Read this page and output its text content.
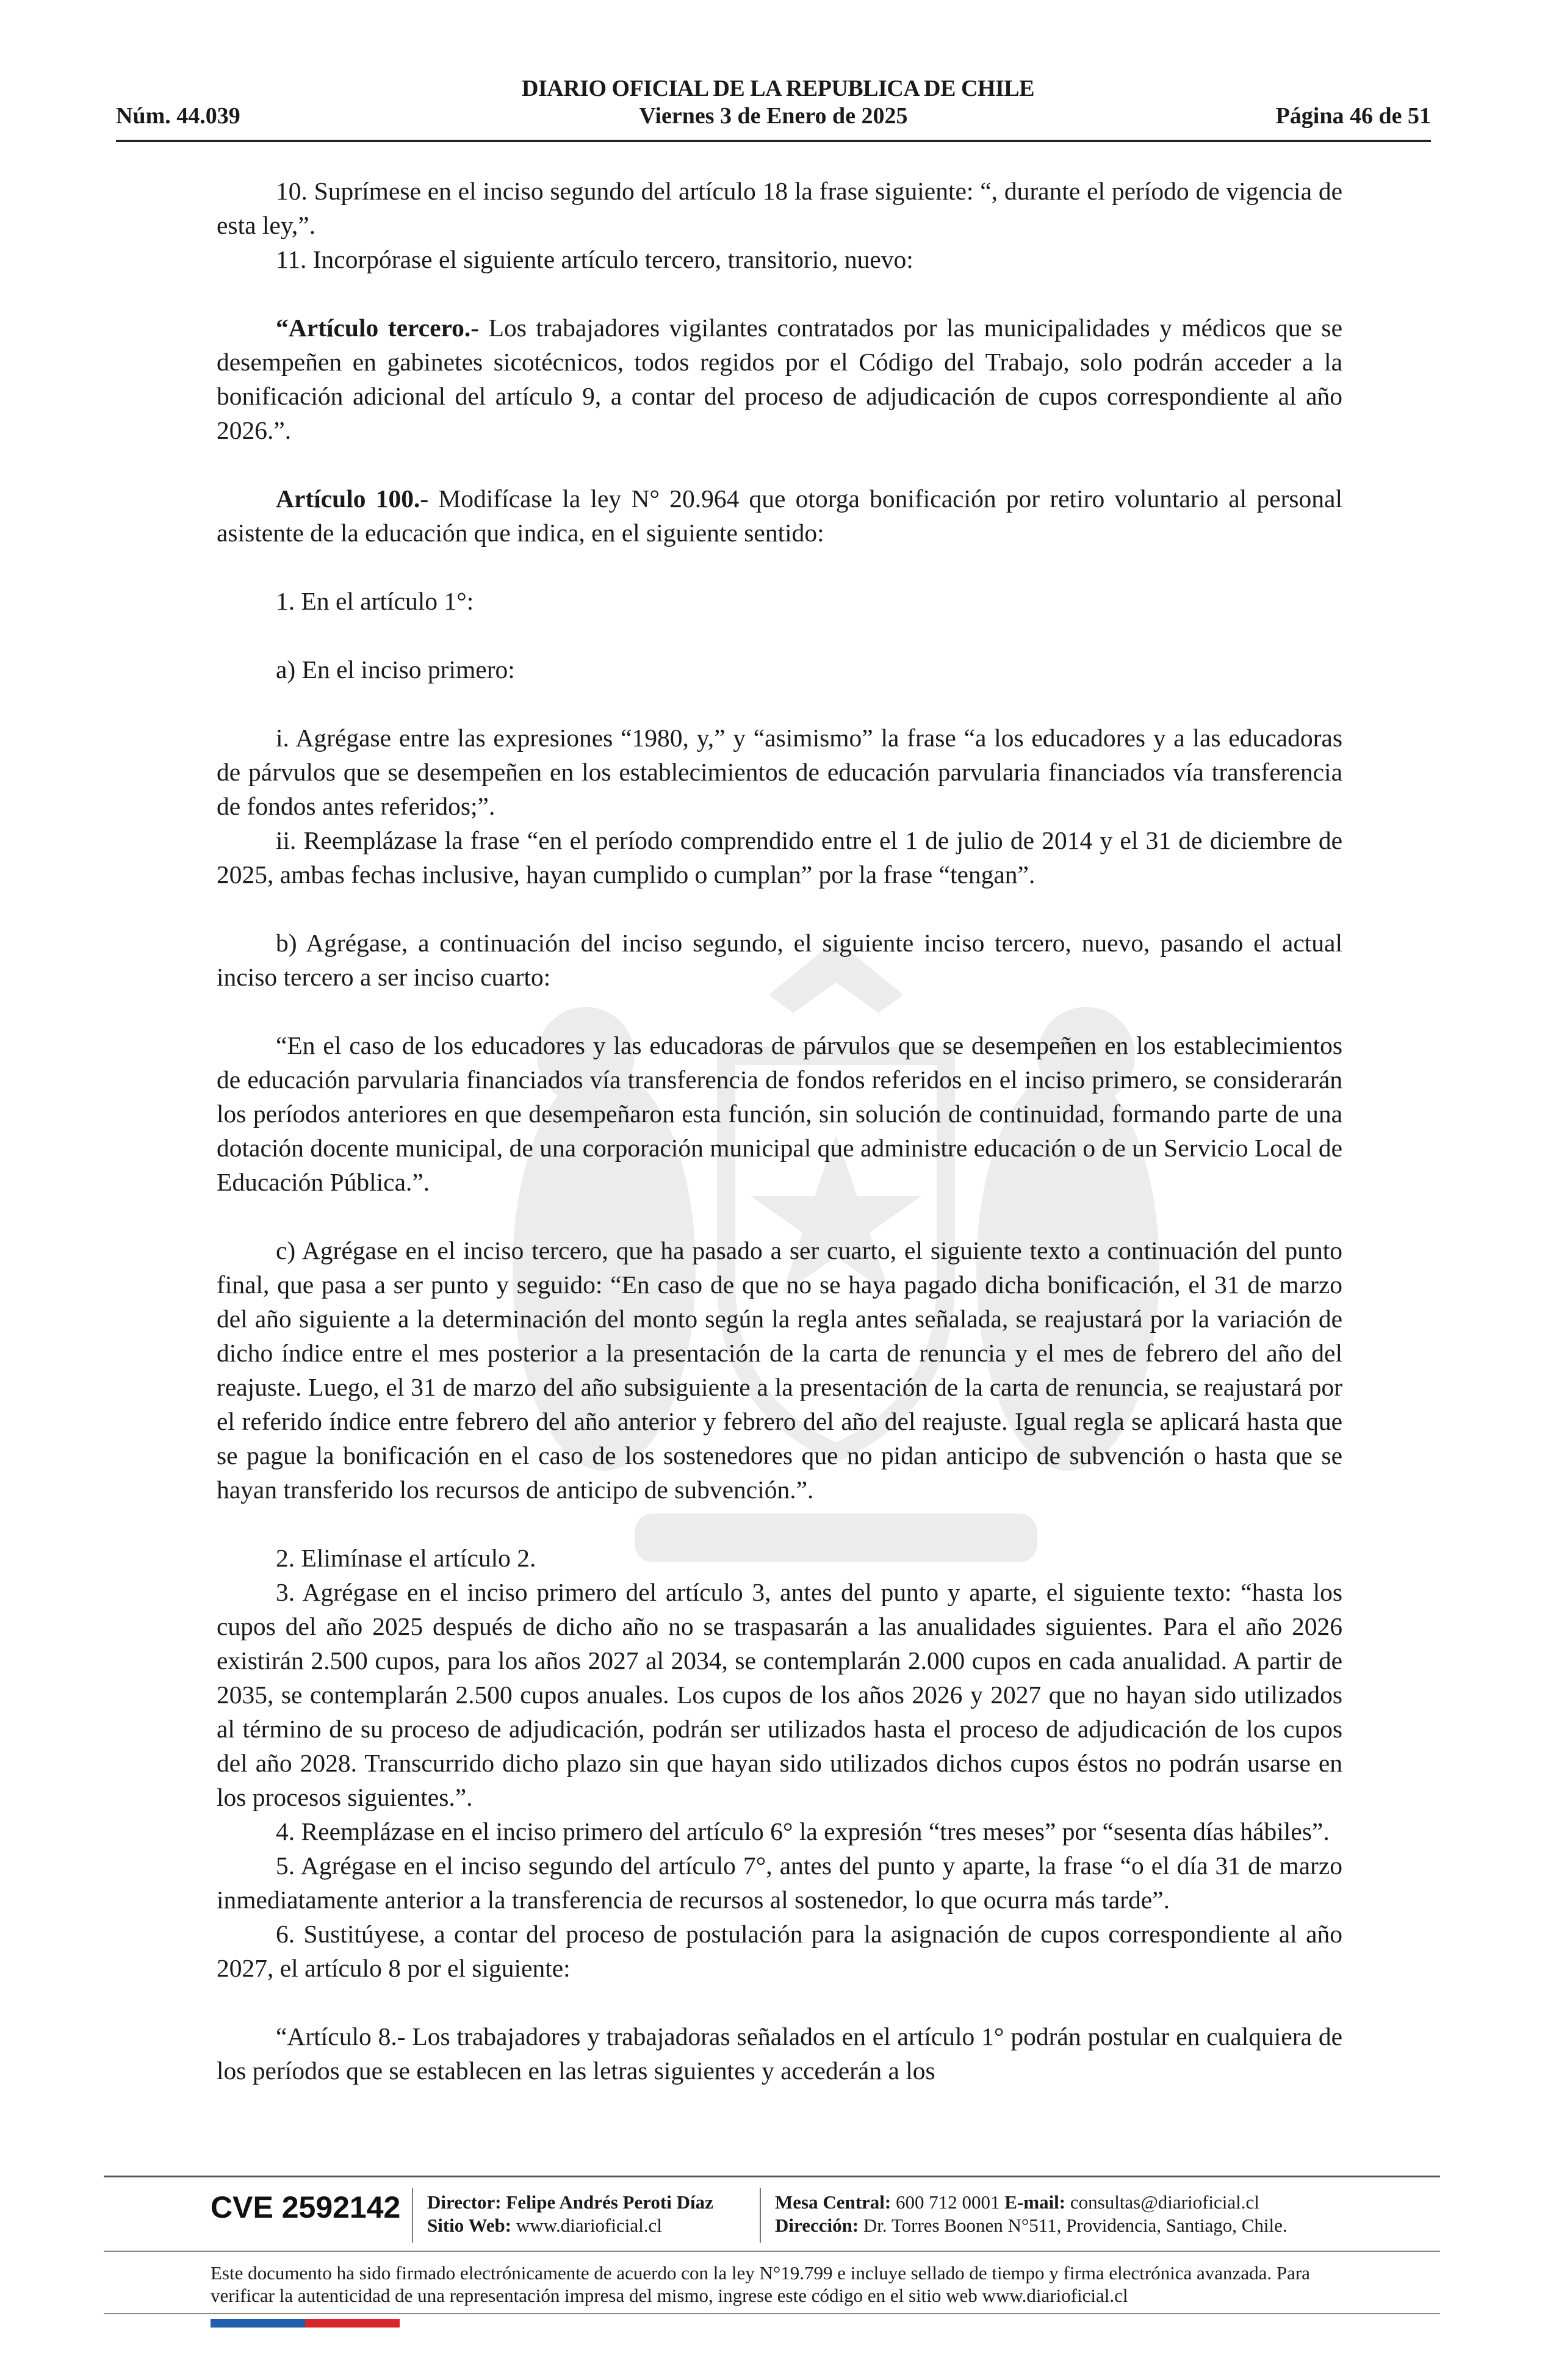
DIARIO OFICIAL DE LA REPUBLICA DE CHILE
Núm. 44.039	Viernes 3 de Enero de 2025	Página 46 de 51

10. Suprímese en el inciso segundo del artículo 18 la frase siguiente: “, durante el período de vigencia de esta ley,”.

11. Incorpórase el siguiente artículo tercero, transitorio, nuevo:

“Artículo tercero.- Los trabajadores vigilantes contratados por las municipalidades y médicos que se desempeñen en gabinetes sicotécnicos, todos regidos por el Código del Trabajo, solo podrán acceder a la bonificación adicional del artículo 9, a contar del proceso de adjudicación de cupos correspondiente al año 2026.”.

Artículo 100.- Modifícase la ley N° 20.964 que otorga bonificación por retiro voluntario al personal asistente de la educación que indica, en el siguiente sentido:

1. En el artículo 1°:

a) En el inciso primero:

i. Agrégase entre las expresiones “1980, y,” y “asimismo” la frase “a los educadores y a las educadoras de párvulos que se desempeñen en los establecimientos de educación parvularia financiados vía transferencia de fondos antes referidos;”.

ii. Reemplázase la frase “en el período comprendido entre el 1 de julio de 2014 y el 31 de diciembre de 2025, ambas fechas inclusive, hayan cumplido o cumplan” por la frase “tengan”.

b) Agrégase, a continuación del inciso segundo, el siguiente inciso tercero, nuevo, pasando el actual inciso tercero a ser inciso cuarto:

“En el caso de los educadores y las educadoras de párvulos que se desempeñen en los establecimientos de educación parvularia financiados vía transferencia de fondos referidos en el inciso primero, se considerarán los períodos anteriores en que desempeñaron esta función, sin solución de continuidad, formando parte de una dotación docente municipal, de una corporación municipal que administre educación o de un Servicio Local de Educación Pública.”.

c) Agrégase en el inciso tercero, que ha pasado a ser cuarto, el siguiente texto a continuación del punto final, que pasa a ser punto y seguido: “En caso de que no se haya pagado dicha bonificación, el 31 de marzo del año siguiente a la determinación del monto según la regla antes señalada, se reajustará por la variación de dicho índice entre el mes posterior a la presentación de la carta de renuncia y el mes de febrero del año del reajuste. Luego, el 31 de marzo del año subsiguiente a la presentación de la carta de renuncia, se reajustará por el referido índice entre febrero del año anterior y febrero del año del reajuste. Igual regla se aplicará hasta que se pague la bonificación en el caso de los sostenedores que no pidan anticipo de subvención o hasta que se hayan transferido los recursos de anticipo de subvención.”.

2. Elimínase el artículo 2.

3. Agrégase en el inciso primero del artículo 3, antes del punto y aparte, el siguiente texto: “hasta los cupos del año 2025 después de dicho año no se traspasarán a las anualidades siguientes. Para el año 2026 existirán 2.500 cupos, para los años 2027 al 2034, se contemplarán 2.000 cupos en cada anualidad. A partir de 2035, se contemplarán 2.500 cupos anuales. Los cupos de los años 2026 y 2027 que no hayan sido utilizados al término de su proceso de adjudicación, podrán ser utilizados hasta el proceso de adjudicación de los cupos del año 2028. Transcurrido dicho plazo sin que hayan sido utilizados dichos cupos éstos no podrán usarse en los procesos siguientes.”.

4. Reemplázase en el inciso primero del artículo 6° la expresión “tres meses” por “sesenta días hábiles”.

5. Agrégase en el inciso segundo del artículo 7°, antes del punto y aparte, la frase “o el día 31 de marzo inmediatamente anterior a la transferencia de recursos al sostenedor, lo que ocurra más tarde”.

6. Sustitúyese, a contar del proceso de postulación para la asignación de cupos correspondiente al año 2027, el artículo 8 por el siguiente:

“Artículo 8.- Los trabajadores y trabajadoras señalados en el artículo 1° podrán postular en cualquiera de los períodos que se establecen en las letras siguientes y accederán a los

CVE 2592142 Director: Felipe Andrés Peroti Díaz
Sitio Web: www.diarioficial.cl
Mesa Central: 600 712 0001 E-mail: consultas@diarioficial.cl
Dirección: Dr. Torres Boonen N°511, Providencia, Santiago, Chile.
Este documento ha sido firmado electrónicamente de acuerdo con la ley N°19.799 e incluye sellado de tiempo y firma electrónica avanzada. Para verificar la autenticidad de una representación impresa del mismo, ingrese este código en el sitio web www.diarioficial.cl
